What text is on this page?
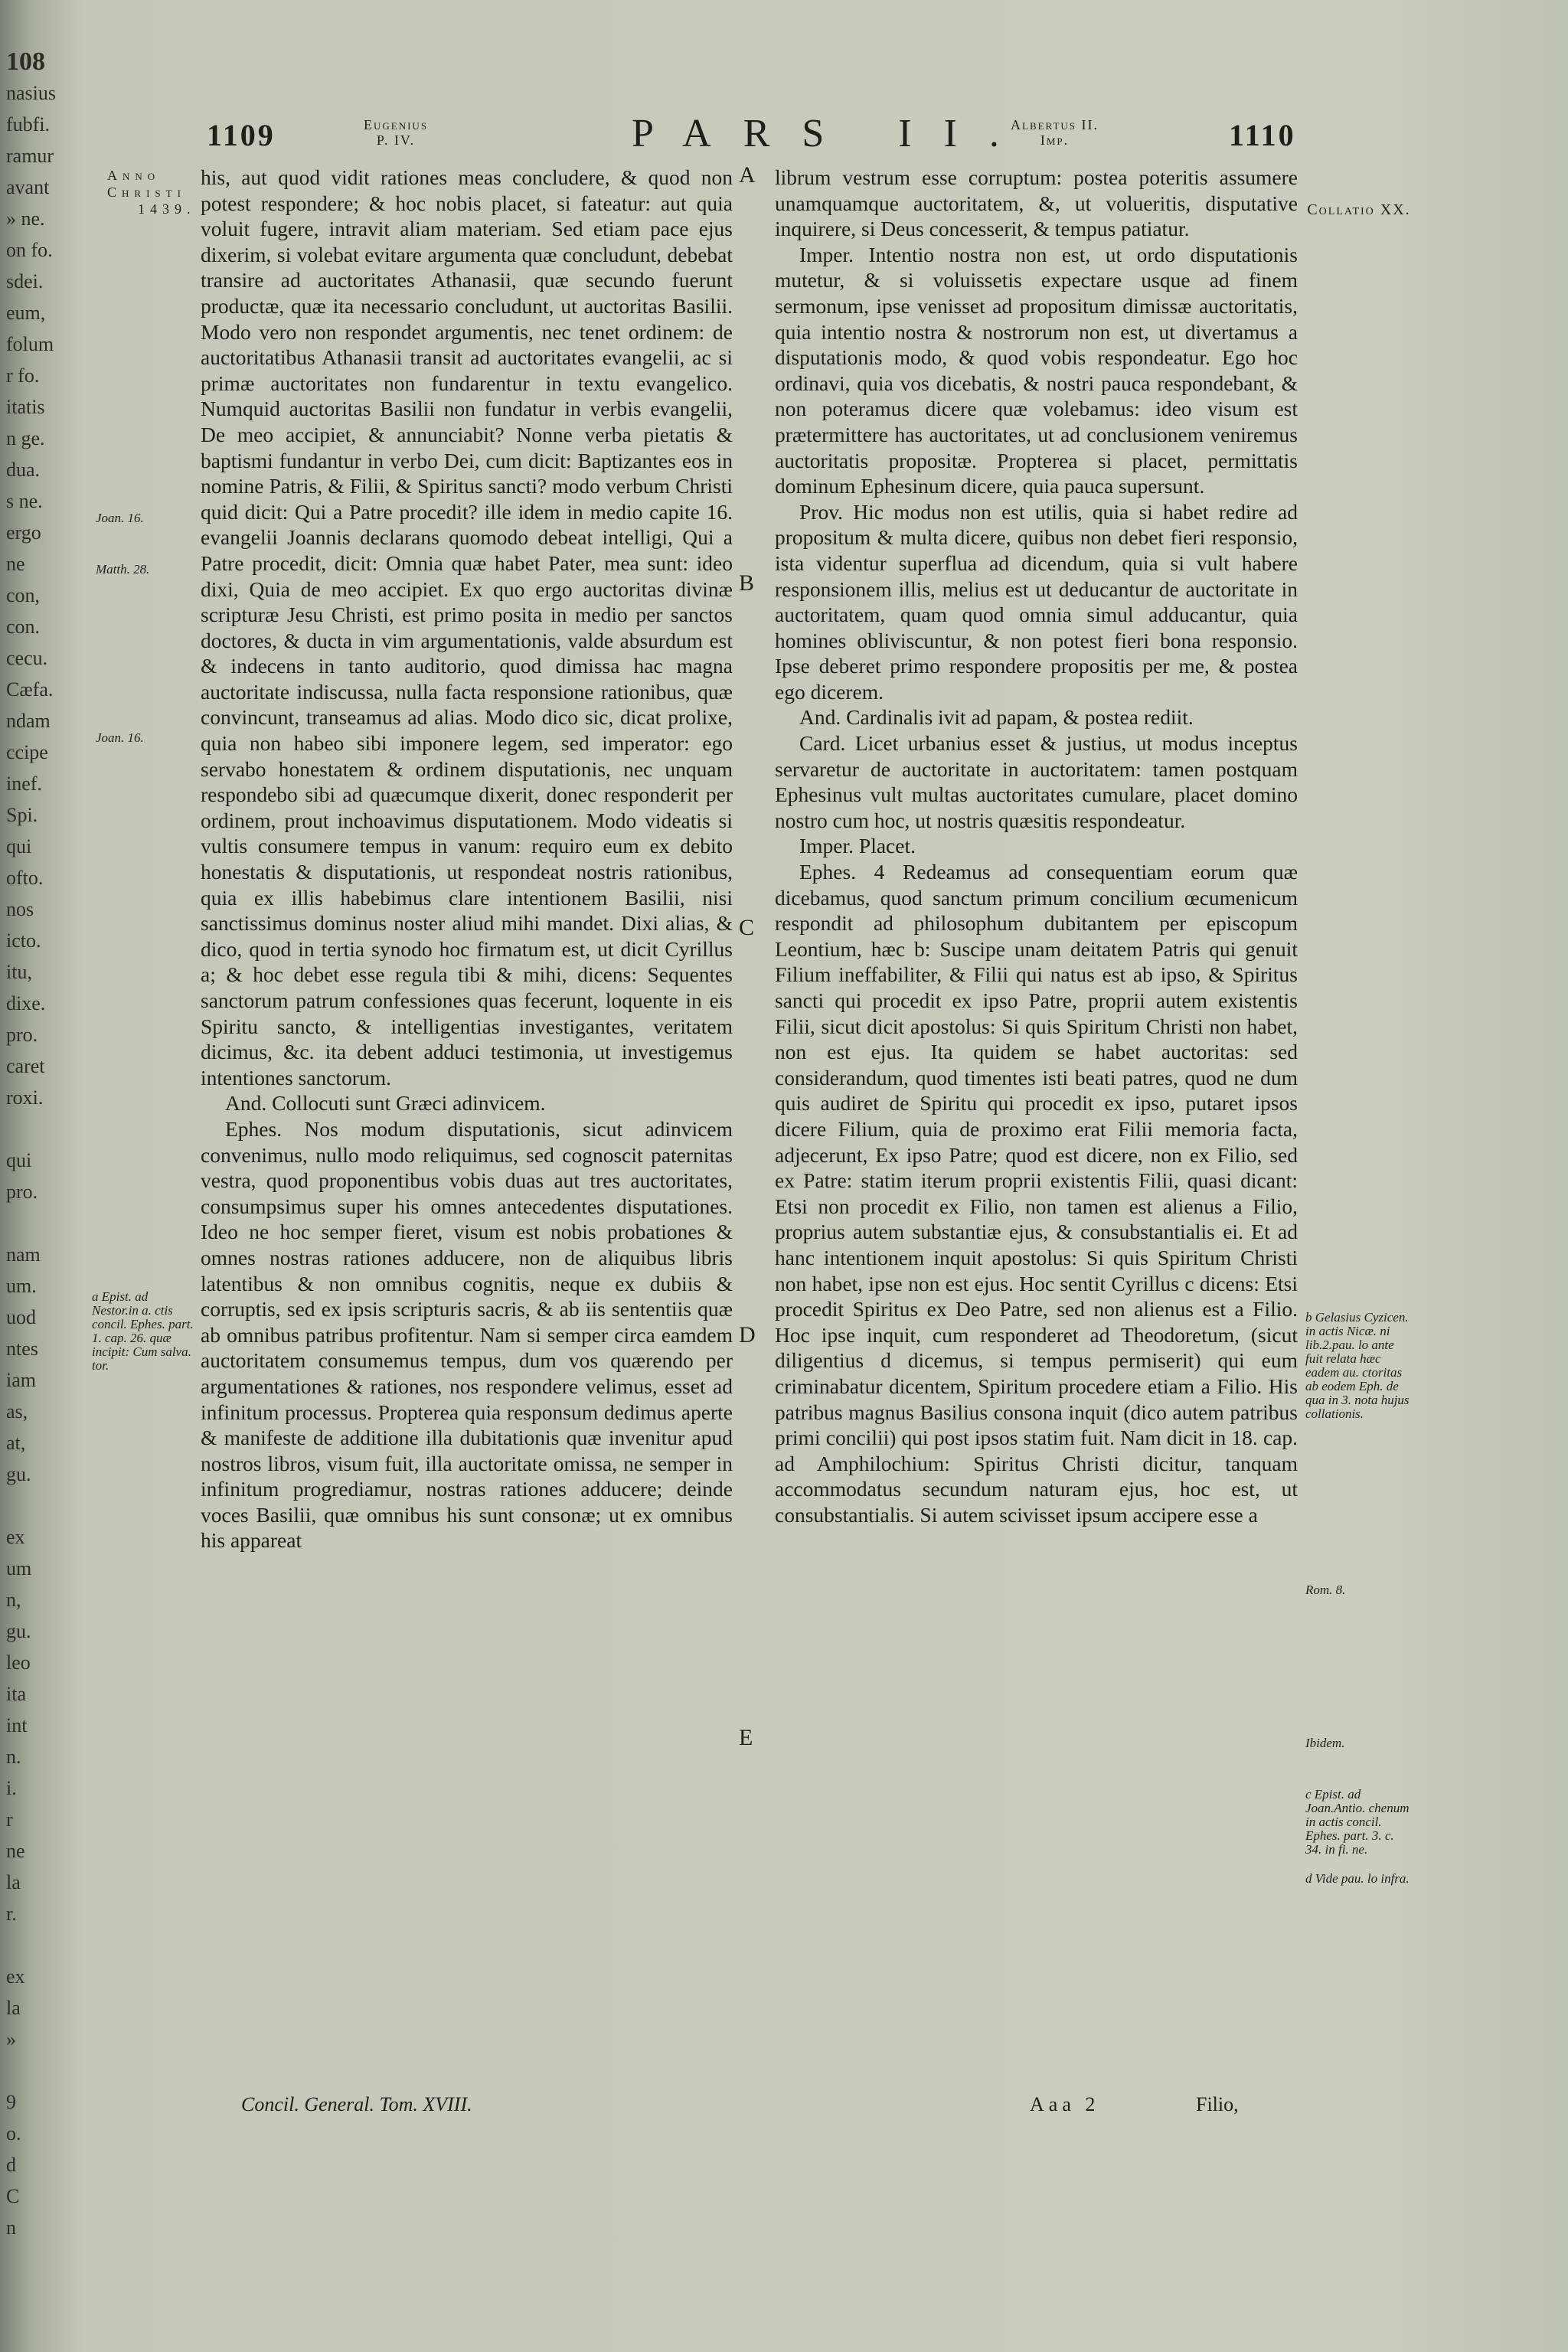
108
nasius
fubfi.
ramur
avant
» ne.
on fo.
sdei.
eum,
folum
r fo.
itatis
n ge.
dua.
s ne.
ergo
ne
con,
con.
cecu.
Cæfa.
ndam
ccipe
inef.
Spi.
qui
ofto.
nos
icto.
itu,
dixe.
pro.
caret
roxi.

qui
pro.

nam
um.
uod
ntes
iam
as,
at,
gu.

ex
um
n,
gu.
leo
ita
int
n.
i.
r
ne
la
r.

ex
la
»

9
o.
d
C
n
1109	Eugenius
P. IV.	PARS II.
Albertus II.
Imp.	1110
Anno
Christi
1439.
Joan. 16.
Matth. 28.
Joan. 16.
a Epist. ad Nestor.in a. ctis concil. Ephes. part. 1. cap. 26. quæ incipit: Cum salva. tor.
Collatio XX.
b Gelasius Cyzicen. in actis Nicæ. ni lib.2.pau. lo ante fuit relata hæc eadem au. ctoritas ab eodem Eph. de qua in 3. nota hujus collationis.
Rom. 8.
Ibidem.
c Epist. ad Joan.Antio. chenum in actis concil. Ephes. part. 3. c. 34. in fi. ne.
d Vide pau. lo infra.
A
B
C
D
E

his, aut quod vidit rationes meas concludere, & quod non potest respondere; & hoc nobis placet, si fateatur: aut quia voluit fugere, intravit aliam materiam. Sed etiam pace ejus dixerim, si volebat evitare argumenta quæ concludunt, debebat transire ad auctoritates Athanasii, quæ secundo fuerunt productæ, quæ ita necessario concludunt, ut auctoritas Basilii. Modo vero non respondet argumentis, nec tenet ordinem: de auctoritatibus Athanasii transit ad auctoritates evangelii, ac si primæ auctoritates non fundarentur in textu evangelico. Numquid auctoritas Basilii non fundatur in verbis evangelii, De meo accipiet, & annunciabit? Nonne verba pietatis & baptismi fundantur in verbo Dei, cum dicit: Baptizantes eos in nomine Patris, & Filii, & Spiritus sancti? modo verbum Christi quid dicit: Qui a Patre procedit? ille idem in medio capite 16. evangelii Joannis declarans quomodo debeat intelligi, Qui a Patre procedit, dicit: Omnia quæ habet Pater, mea sunt: ideo dixi, Quia de meo accipiet. Ex quo ergo auctoritas divinæ scripturæ Jesu Christi, est primo posita in medio per sanctos doctores, & ducta in vim argumentationis, valde absurdum est & indecens in tanto auditorio, quod dimissa hac magna auctoritate indiscussa, nulla facta responsione rationibus, quæ convincunt, transeamus ad alias. Modo dico sic, dicat prolixe, quia non habeo sibi imponere legem, sed imperator: ego servabo honestatem & ordinem disputationis, nec unquam respondebo sibi ad quæcumque dixerit, donec responderit per ordinem, prout inchoavimus disputationem. Modo videatis si vultis consumere tempus in vanum: requiro eum ex debito honestatis & disputationis, ut respondeat nostris rationibus, quia ex illis habebimus clare intentionem Basilii, nisi sanctissimus dominus noster aliud mihi mandet. Dixi alias, & dico, quod in tertia synodo hoc firmatum est, ut dicit Cyrillus a; & hoc debet esse regula tibi & mihi, dicens: Sequentes sanctorum patrum confessiones quas fecerunt, loquente in eis Spiritu sancto, & intelligentias investigantes, veritatem dicimus, &c. ita debent adduci testimonia, ut investigemus intentiones sanctorum.

And. Collocuti sunt Græci adinvicem.

Ephes. Nos modum disputationis, sicut adinvicem convenimus, nullo modo reliquimus, sed cognoscit paternitas vestra, quod proponentibus vobis duas aut tres auctoritates, consumpsimus super his omnes antecedentes disputationes. Ideo ne hoc semper fieret, visum est nobis probationes & omnes nostras rationes adducere, non de aliquibus libris latentibus & non omnibus cognitis, neque ex dubiis & corruptis, sed ex ipsis scripturis sacris, & ab iis sententiis quæ ab omnibus patribus profitentur. Nam si semper circa eamdem auctoritatem consumemus tempus, dum vos quærendo per argumentationes & rationes, nos respondere velimus, esset ad infinitum processus. Propterea quia responsum dedimus aperte & manifeste de additione illa dubitationis quæ invenitur apud nostros libros, visum fuit, illa auctoritate omissa, ne semper in infinitum progrediamur, nostras rationes adducere; deinde voces Basilii, quæ omnibus his sunt consonæ; ut ex omnibus his appareat

librum vestrum esse corruptum: postea poteritis assumere unamquamque auctoritatem, &, ut volueritis, disputative inquirere, si Deus concesserit, & tempus patiatur.

Imper. Intentio nostra non est, ut ordo disputationis mutetur, & si voluissetis expectare usque ad finem sermonum, ipse venisset ad propositum dimissæ auctoritatis, quia intentio nostra & nostrorum non est, ut divertamus a disputationis modo, & quod vobis respondeatur. Ego hoc ordinavi, quia vos dicebatis, & nostri pauca respondebant, & non poteramus dicere quæ volebamus: ideo visum est prætermittere has auctoritates, ut ad conclusionem veniremus auctoritatis propositæ. Propterea si placet, permittatis dominum Ephesinum dicere, quia pauca supersunt.

Prov. Hic modus non est utilis, quia si habet redire ad propositum & multa dicere, quibus non debet fieri responsio, ista videntur superflua ad dicendum, quia si vult habere responsionem illis, melius est ut deducantur de auctoritate in auctoritatem, quam quod omnia simul adducantur, quia homines obliviscuntur, & non potest fieri bona responsio. Ipse deberet primo respondere propositis per me, & postea ego dicerem.

And. Cardinalis ivit ad papam, & postea rediit.

Card. Licet urbanius esset & justius, ut modus inceptus servaretur de auctoritate in auctoritatem: tamen postquam Ephesinus vult multas auctoritates cumulare, placet domino nostro cum hoc, ut nostris quæsitis respondeatur.

Imper. Placet.

Ephes. 4 Redeamus ad consequentiam eorum quæ dicebamus, quod sanctum primum concilium œcumenicum respondit ad philosophum dubitantem per episcopum Leontium, hæc b: Suscipe unam deitatem Patris qui genuit Filium ineffabiliter, & Filii qui natus est ab ipso, & Spiritus sancti qui procedit ex ipso Patre, proprii autem existentis Filii, sicut dicit apostolus: Si quis Spiritum Christi non habet, non est ejus. Ita quidem se habet auctoritas: sed considerandum, quod timentes isti beati patres, quod ne dum quis audiret de Spiritu qui procedit ex ipso, putaret ipsos dicere Filium, quia de proximo erat Filii memoria facta, adjecerunt, Ex ipso Patre; quod est dicere, non ex Filio, sed ex Patre: statim iterum proprii existentis Filii, quasi dicant: Etsi non procedit ex Filio, non tamen est alienus a Filio, proprius autem substantiæ ejus, & consubstantialis ei. Et ad hanc intentionem inquit apostolus: Si quis Spiritum Christi non habet, ipse non est ejus. Hoc sentit Cyrillus c dicens: Etsi procedit Spiritus ex Deo Patre, sed non alienus est a Filio. Hoc ipse inquit, cum responderet ad Theodoretum, (sicut diligentius d dicemus, si tempus permiserit) qui eum criminabatur dicentem, Spiritum procedere etiam a Filio. His patribus magnus Basilius consona inquit (dico autem patribus primi concilii) qui post ipsos statim fuit. Nam dicit in 18. cap. ad Amphilochium: Spiritus Christi dicitur, tanquam accommodatus secundum naturam ejus, hoc est, ut consubstantialis. Si autem scivisset ipsum accipere esse a

Concil. General. Tom. XVIII.	Aaa 2	Filio,
